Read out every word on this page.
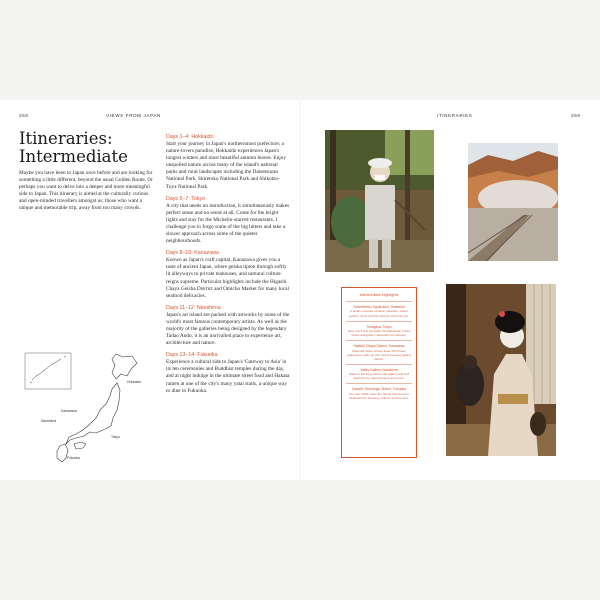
268	VIEWS FROM JAPAN
Itineraries: Intermediate

Maybe you have been to Japan once before and are looking for something a little different, beyond the usual Golden Route. Or perhaps you want to delve into a deeper and more meaningful side to Japan. This itinerary is aimed at the culturally curious and open-minded travellers amongst us; those who want a unique and memorable trip, away from too many crowds.

Days 1–4: Hokkaido
Start your journey in Japan's northernmost prefecture; a nature-lovers paradise, Hokkaido experiences Japan's longest winters and most beautiful autumn leaves. Enjoy unspoiled nature across many of the island's national parks and rural landscapes including the Daisetsuzan National Park, Shiretoko National Park and Shikotsu-Toya National Park.
Days 5–7: Tokyo
A city that needs no introduction, it simultaneously makes perfect sense and no sense at all. Come for the bright lights and stay for the Michelin-starred restaurants. I challenge you to forgo some of the big hitters and take a slower approach across some of the quieter neighbourhoods.
Days 8–10: Kanazawa
Known as Japan's craft capital, Kanazawa gives you a taste of ancient Japan, where geisha tiptoe through softly lit alleyways to private teahouses, and samurai culture reigns supreme. Particular highlights include the Higashi Chaya Geisha District and Omicho Market for many local seafood delicacies.
Days 11–12: Naoshima
Japan's art island are packed with artworks by some of the world's most famous contemporary artists. As well as the majority of the galleries being designed by the legendary Tadao Ando, it is an unrivalled place to experience art, architecture and nature.
Days 13–14: Fukuoka
Experience a cultural side to Japan's 'Gateway to Asia' in its ten ceremonies and Buddhist temples during the day, and at night indulge in the ultimate street food and Hakata ramen at one of the city's many yatai stalls, a unique way to dine in Fukuoka.
Hokkaido
Kanazawa
Naoshima
Tokyo
Fukuoka
ITINERARIES	269
Intermediate Highlights
Noboribetsu Jigokudani, Hokkaido
A steam-covered volcanic paradise, where sulphur vents and hot springs surround you.
Tomigaya, Tokyo
Here you'll find speciality Scandinavian coffee shops alongside independent boutiques.
Higashi Chaya District, Kanazawa
Meander down streets lined with flower teahouses made up into well-preserved geisha district.
Valley Gallery, Naoshima
Walk up the long path to the gallery and find artworks by Yayoi Kusama and more.
Dazaifu Tenmangu Shrine, Fukuoka
For over 1000 years the shrine has stood in dedication to learning, culture, and the arts.
